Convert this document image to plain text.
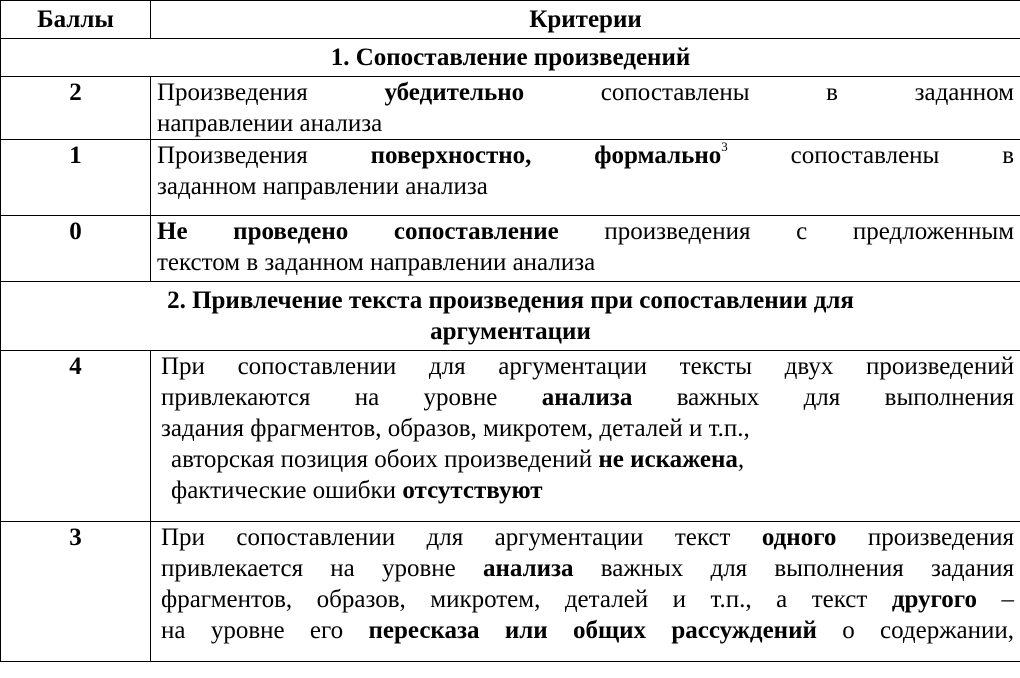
Баллы	Критерии
1. Сопоставление произведений	
2	Произведения убедительно сопоставлены в заданном
направлении анализа

1	Произведения поверхностно, формально$^3$ сопоставлены в
заданном направлении анализа

0	Не проведено сопоставление произведения с предложенным
текстом в заданном направлении анализа

2. Привлечение текста произведения при сопоставлении для
аргументации	

4	При сопоставлении для аргументации тексты двух произведений
привлекаются на уровне анализа важных для выполнения
задания фрагментов, образов, микротем, деталей и т.п.,
авторская позиция обоих произведений не искажена,
фактические ошибки отсутствуют

3	При сопоставлении для аргументации текст одного произведения
привлекается на уровне анализа важных для выполнения задания
фрагментов, образов, микротем, деталей и т.п., а текст другого –
на уровне его пересказа или общих рассуждений о содержании,
